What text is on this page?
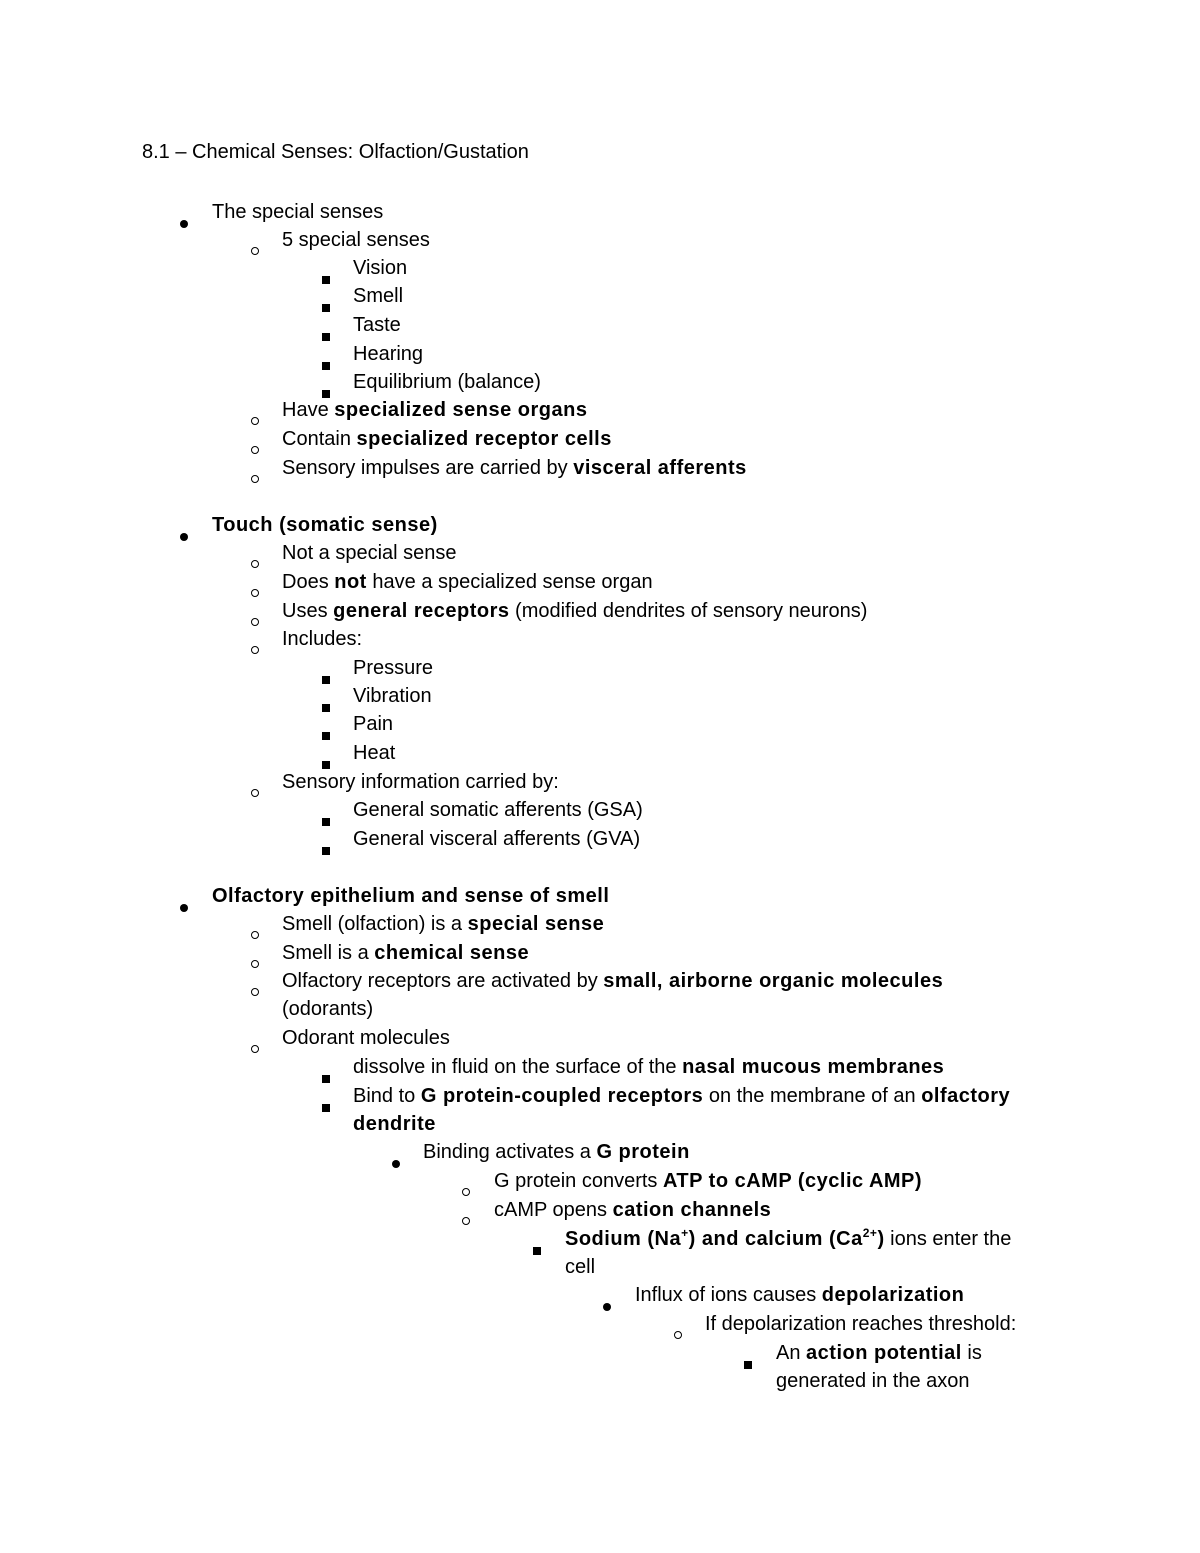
8.1 – Chemical Senses: Olfaction/Gustation
The special senses
5 special senses
Vision
Smell
Taste
Hearing
Equilibrium (balance)
Have specialized sense organs
Contain specialized receptor cells
Sensory impulses are carried by visceral afferents
Touch (somatic sense)
Not a special sense
Does not have a specialized sense organ
Uses general receptors (modified dendrites of sensory neurons)
Includes:
Pressure
Vibration
Pain
Heat
Sensory information carried by:
General somatic afferents (GSA)
General visceral afferents (GVA)
Olfactory epithelium and sense of smell
Smell (olfaction) is a special sense
Smell is a chemical sense
Olfactory receptors are activated by small, airborne organic molecules
(odorants)
Odorant molecules
dissolve in fluid on the surface of the nasal mucous membranes
Bind to G protein-coupled receptors on the membrane of an olfactory
dendrite
Binding activates a G protein
G protein converts ATP to cAMP (cyclic AMP)
cAMP opens cation channels
Sodium (Na+) and calcium $(Ca^{2+})$ ions enter the
cell
Influx of ions causes depolarization
If depolarization reaches threshold:
An action potential is
generated in the axon
